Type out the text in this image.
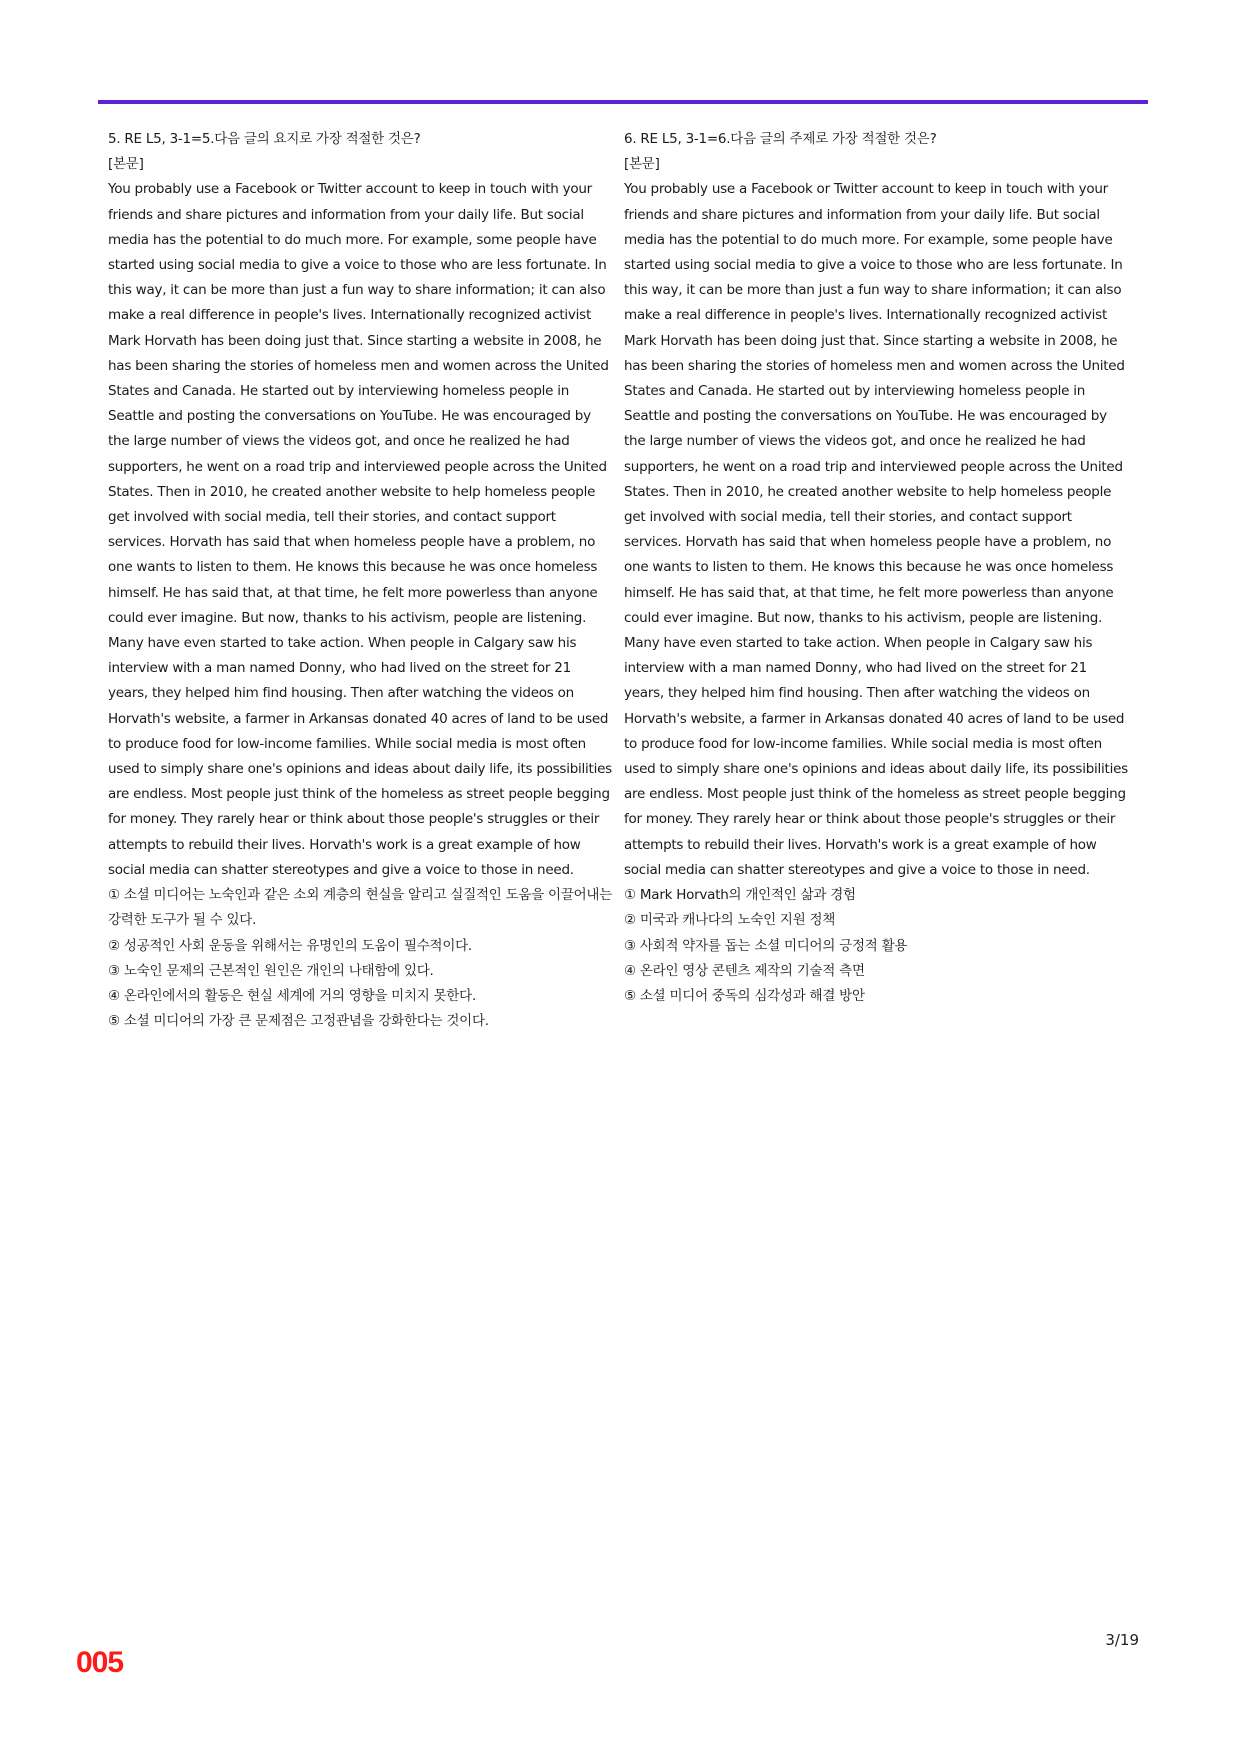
5. RE L5, 3-1=5.다음 글의 요지로 가장 적절한 것은?

[본문]

You probably use a Facebook or Twitter account to keep in touch with your friends and share pictures and information from your daily life. But social media has the potential to do much more. For example, some people have started using social media to give a voice to those who are less fortunate. In this way, it can be more than just a fun way to share information; it can also make a real difference in people's lives. Internationally recognized activist Mark Horvath has been doing just that. Since starting a website in 2008, he has been sharing the stories of homeless men and women across the United States and Canada. He started out by interviewing homeless people in Seattle and posting the conversations on YouTube. He was encouraged by the large number of views the videos got, and once he realized he had supporters, he went on a road trip and interviewed people across the United States. Then in 2010, he created another website to help homeless people get involved with social media, tell their stories, and contact support services. Horvath has said that when homeless people have a problem, no one wants to listen to them. He knows this because he was once homeless himself. He has said that, at that time, he felt more powerless than anyone could ever imagine. But now, thanks to his activism, people are listening. Many have even started to take action. When people in Calgary saw his interview with a man named Donny, who had lived on the street for 21 years, they helped him find housing. Then after watching the videos on Horvath's website, a farmer in Arkansas donated 40 acres of land to be used to produce food for low-income families. While social media is most often used to simply share one's opinions and ideas about daily life, its possibilities are endless. Most people just think of the homeless as street people begging for money. They rarely hear or think about those people's struggles or their attempts to rebuild their lives. Horvath's work is a great example of how social media can shatter stereotypes and give a voice to those in need.

① 소셜 미디어는 노숙인과 같은 소외 계층의 현실을 알리고 실질적인 도움을 이끌어내는 강력한 도구가 될 수 있다.
② 성공적인 사회 운동을 위해서는 유명인의 도움이 필수적이다.
③ 노숙인 문제의 근본적인 원인은 개인의 나태함에 있다.
④ 온라인에서의 활동은 현실 세계에 거의 영향을 미치지 못한다.
⑤ 소셜 미디어의 가장 큰 문제점은 고정관념을 강화한다는 것이다.

6. RE L5, 3-1=6.다음 글의 주제로 가장 적절한 것은?

[본문]

You probably use a Facebook or Twitter account to keep in touch with your friends and share pictures and information from your daily life. But social media has the potential to do much more. For example, some people have started using social media to give a voice to those who are less fortunate. In this way, it can be more than just a fun way to share information; it can also make a real difference in people's lives. Internationally recognized activist Mark Horvath has been doing just that. Since starting a website in 2008, he has been sharing the stories of homeless men and women across the United States and Canada. He started out by interviewing homeless people in Seattle and posting the conversations on YouTube. He was encouraged by the large number of views the videos got, and once he realized he had supporters, he went on a road trip and interviewed people across the United States. Then in 2010, he created another website to help homeless people get involved with social media, tell their stories, and contact support services. Horvath has said that when homeless people have a problem, no one wants to listen to them. He knows this because he was once homeless himself. He has said that, at that time, he felt more powerless than anyone could ever imagine. But now, thanks to his activism, people are listening. Many have even started to take action. When people in Calgary saw his interview with a man named Donny, who had lived on the street for 21 years, they helped him find housing. Then after watching the videos on Horvath's website, a farmer in Arkansas donated 40 acres of land to be used to produce food for low-income families. While social media is most often used to simply share one's opinions and ideas about daily life, its possibilities are endless. Most people just think of the homeless as street people begging for money. They rarely hear or think about those people's struggles or their attempts to rebuild their lives. Horvath's work is a great example of how social media can shatter stereotypes and give a voice to those in need.

① Mark Horvath의 개인적인 삶과 경험
② 미국과 캐나다의 노숙인 지원 정책
③ 사회적 약자를 돕는 소셜 미디어의 긍정적 활용
④ 온라인 영상 콘텐츠 제작의 기술적 측면
⑤ 소셜 미디어 중독의 심각성과 해결 방안
3/19
005
